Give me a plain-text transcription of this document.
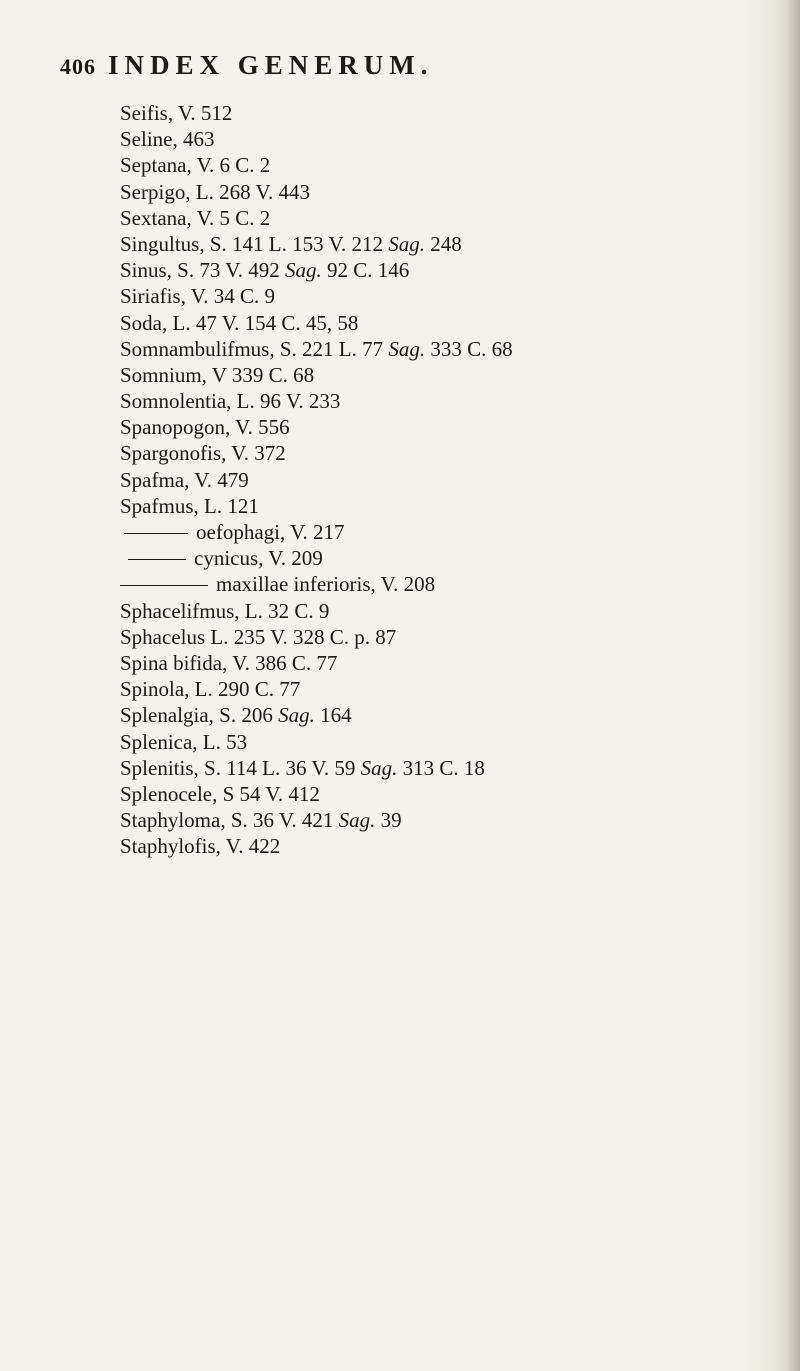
406 INDEX GENERUM.
Seifis, V. 512
Seline, 463
Septana, V. 6 C. 2
Serpigo, L. 268 V. 443
Sextana, V. 5 C. 2
Singultus, S. 141 L. 153 V. 212 Sag. 248
Sinus, S. 73 V. 492 Sag. 92 C. 146
Siriafis, V. 34 C. 9
Soda, L. 47 V. 154 C. 45, 58
Somnambulifmus, S. 221 L. 77 Sag. 333 C. 68
Somnium, V 339 C. 68
Somnolentia, L. 96 V. 233
Spanopogon, V. 556
Spargonofis, V. 372
Spafma, V. 479
Spafmus, L. 121
oefophagi, V. 217
cynicus, V. 209
maxillae inferioris, V. 208
Sphacelifmus, L. 32 C. 9
Sphacelus L. 235 V. 328 C. p. 87
Spina bifida, V. 386 C. 77
Spinola, L. 290 C. 77
Splenalgia, S. 206 Sag. 164
Splenica, L. 53
Splenitis, S. 114 L. 36 V. 59 Sag. 313 C. 18
Splenocele, S 54 V. 412
Staphyloma, S. 36 V. 421 Sag. 39
Staphylofis, V. 422
